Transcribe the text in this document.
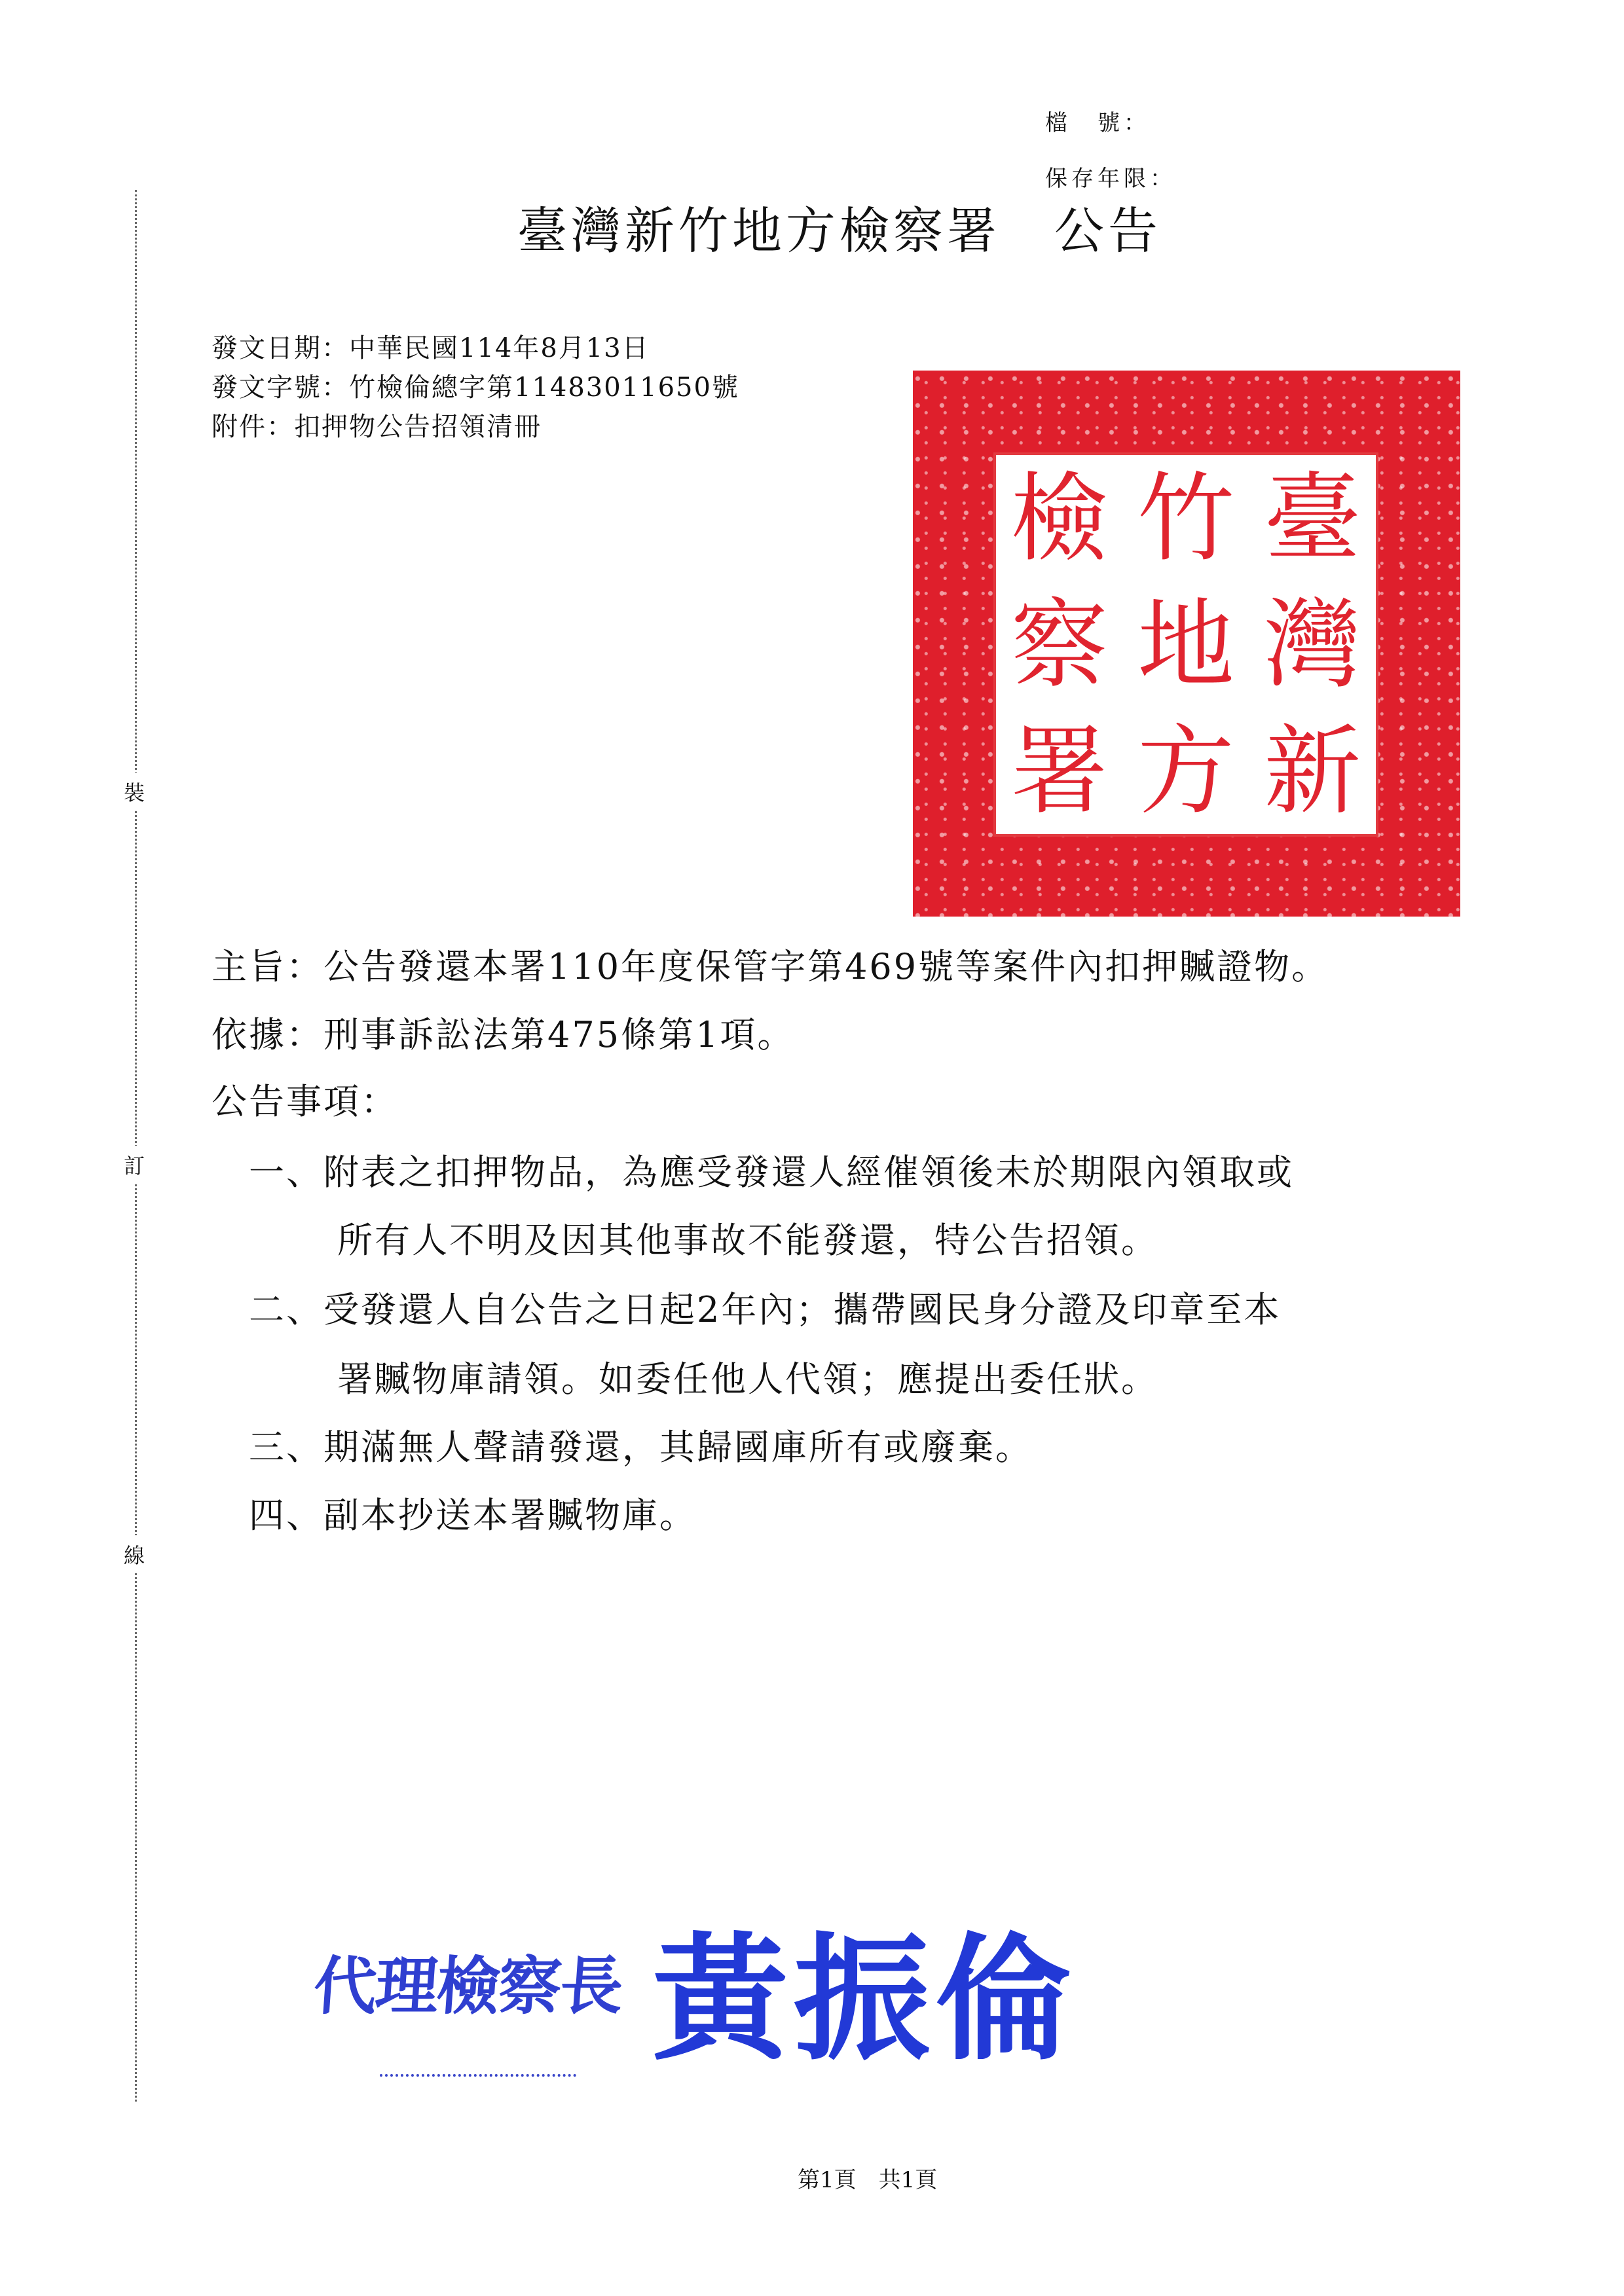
檔　號：
保存年限：
裝
訂
線
臺灣新竹地方檢察署　公告
發文日期：中華民國114年8月13日
發文字號：竹檢倫總字第11483011650號
附件：扣押物公告招領清冊
臺
灣
新
竹
地
方
檢
察
署
主旨：公告發還本署110年度保管字第469號等案件內扣押贓證物。
依據：刑事訴訟法第475條第1項。
公告事項：
一、附表之扣押物品，為應受發還人經催領後未於期限內領取或
所有人不明及因其他事故不能發還，特公告招領。
二、受發還人自公告之日起2年內；攜帶國民身分證及印章至本
署贓物庫請領。如委任他人代領；應提出委任狀。
三、期滿無人聲請發還，其歸國庫所有或廢棄。
四、副本抄送本署贓物庫。
代理檢察長 黃振倫
第1頁　共1頁
